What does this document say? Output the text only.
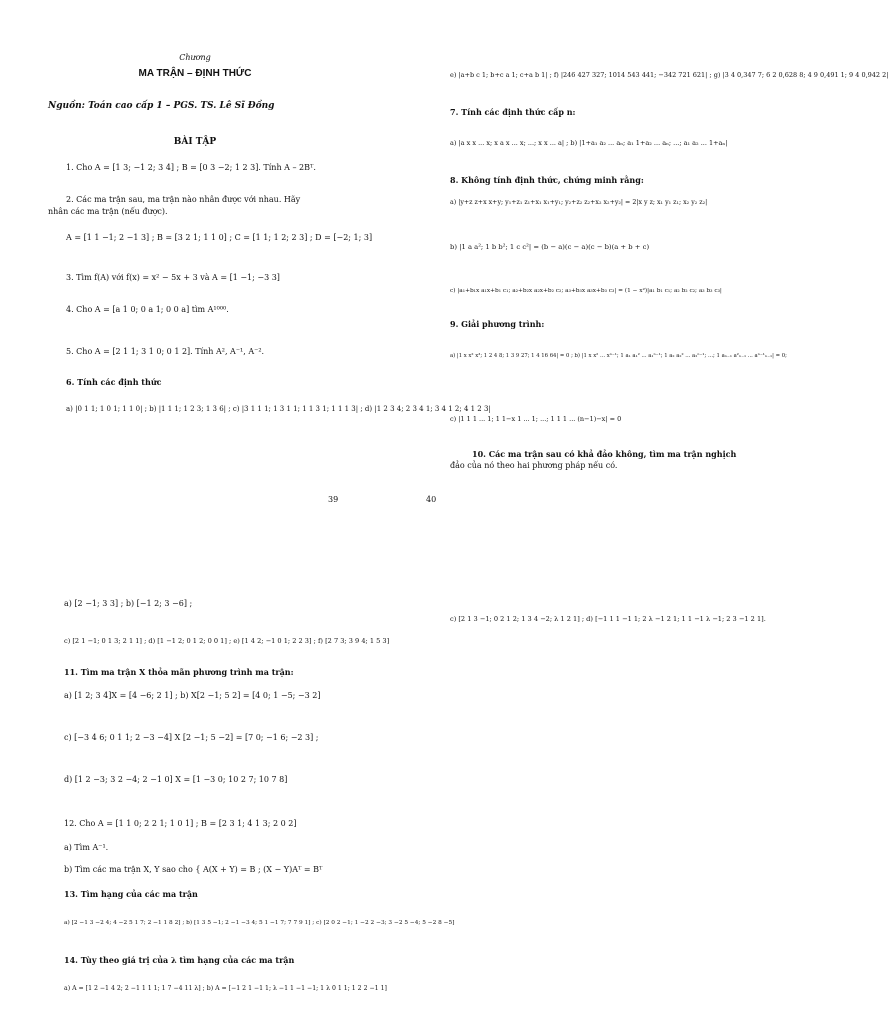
Chương
MA TRẬN – ĐỊNH THỨC
Nguồn: Toán cao cấp 1 – PGS. TS. Lê Sĩ Đồng
BÀI TẬP
1. Cho A = [1 3; −1 2; 3 4] ; B = [0 3 −2; 1 2 3]. Tính A – 2Bᵀ.
2. Các ma trận sau, ma trận nào nhân được với nhau. Hãy
nhân các ma trận (nếu được).
A = [1 1 −1; 2 −1 3] ; B = [3 2 1; 1 1 0] ; C = [1 1; 1 2; 2 3] ; D = [−2; 1; 3]
3. Tìm f(A) với f(x) = x² − 5x + 3 và A = [1 −1; −3 3]
4. Cho A = [a 1 0; 0 a 1; 0 0 a] tìm A¹⁰⁰⁰.
5. Cho A = [2 1 1; 3 1 0; 0 1 2]. Tính A², A⁻¹, A⁻².
6. Tính các định thức
a) |0 1 1; 1 0 1; 1 1 0| ; b) |1 1 1; 1 2 3; 1 3 6| ; c) |3 1 1 1; 1 3 1 1; 1 1 3 1; 1 1 1 3| ; d) |1 2 3 4; 2 3 4 1; 3 4 1 2; 4 1 2 3|
39
e) |a+b c 1; b+c a 1; c+a b 1| ; f) |246 427 327; 1014 543 441; −342 721 621| ; g) |3 4 0,347 7; 6 2 0,628 8; 4 9 0,491 1; 9 4 0,942 2|
7. Tính các định thức cấp n:
a) |a x x ... x; x a x ... x; ...; x x ... a| ; b) |1+a₁ a₂ ... aₙ; a₁ 1+a₂ ... aₙ; ...; a₁ a₂ ... 1+aₙ|
8. Không tính định thức, chứng minh rằng:
a) |y+z z+x x+y; y₁+z₁ z₁+x₁ x₁+y₁; y₂+z₂ z₂+x₂ x₂+y₂| = 2|x y z; x₁ y₁ z₁; x₂ y₂ z₂|
b) |1 a a²; 1 b b²; 1 c c²| = (b − a)(c − a)(c − b)(a + b + c)
c) |a₁+b₁x a₁x+b₁ c₁; a₂+b₂x a₂x+b₂ c₂; a₃+b₃x a₃x+b₃ c₃| = (1 − x²)|a₁ b₁ c₁; a₂ b₂ c₂; a₃ b₃ c₃|
9. Giải phương trình:
a) |1 x x² x³; 1 2 4 8; 1 3 9 27; 1 4 16 64| = 0 ; b) |1 x x² ... xⁿ⁻¹; 1 a₁ a₁² ... a₁ⁿ⁻¹; 1 a₂ a₂² ... a₂ⁿ⁻¹; ...; 1 aₙ₋₁ a²ₙ₋₁ ... aⁿ⁻¹ₙ₋₁| = 0;
c) |1 1 1 ... 1; 1 1−x 1 ... 1; ...; 1 1 1 ... (n−1)−x| = 0
10. Các ma trận sau có khả đảo không, tìm ma trận nghịch
đảo của nó theo hai phương pháp nếu có.
40
a) [2 −1; 3 3] ; b) [−1 2; 3 −6] ;
c) [2 1 −1; 0 1 3; 2 1 1] ; d) [1 −1 2; 0 1 2; 0 0 1] ; e) [1 4 2; −1 0 1; 2 2 3] ; f) [2 7 3; 3 9 4; 1 5 3]
11. Tìm ma trận X thỏa mãn phương trình ma trận:
a) [1 2; 3 4]X = [4 −6; 2 1] ; b) X[2 −1; 5 2] = [4 0; 1 −5; −3 2]
c) [−3 4 6; 0 1 1; 2 −3 −4] X [2 −1; 5 −2] = [7 0; −1 6; −2 3] ;
d) [1 2 −3; 3 2 −4; 2 −1 0] X = [1 −3 0; 10 2 7; 10 7 8]
12. Cho A = [1 1 0; 2 2 1; 1 0 1] ; B = [2 3 1; 4 1 3; 2 0 2]
a) Tìm A⁻¹.
b) Tìm các ma trận X, Y sao cho { A(X + Y) = B ; (X − Y)Aᵀ = Bᵀ
13. Tìm hạng của các ma trận
a) [2 −1 3 −2 4; 4 −2 5 1 7; 2 −1 1 8 2] ; b) [1 3 5 −1; 2 −1 −3 4; 5 1 −1 7; 7 7 9 1] ; c) [2 0 2 −1; 1 −2 2 −3; 3 −2 5 −4; 5 −2 8 −5]
14. Tùy theo giá trị của λ tìm hạng của các ma trận
a) A = [1 2 −1 4 2; 2 −1 1 1 1; 1 7 −4 11 λ] ; b) A = [−1 2 1 −1 1; λ −1 1 −1 −1; 1 λ 0 1 1; 1 2 2 −1 1]
c) [2 1 3 −1; 0 2 1 2; 1 3 4 −2; λ 1 2 1] ; d) [−1 1 1 −1 1; 2 λ −1 2 1; 1 1 −1 λ −1; 2 3 −1 2 1].
